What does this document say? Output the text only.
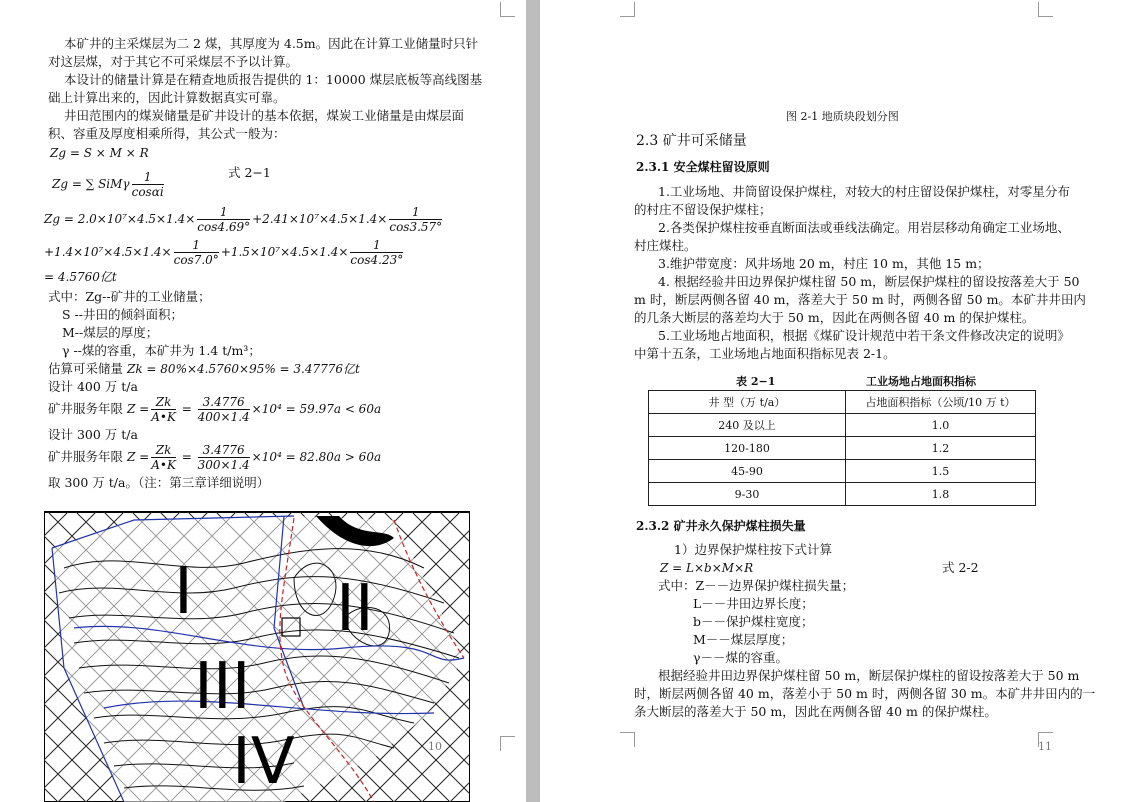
本矿井的主采煤层为二 2 煤，其厚度为 4.5m。因此在计算工业储量时只针
对这层煤，对于其它不可采煤层不予以计算。
本设计的储量计算是在精查地质报告提供的 1：10000 煤层底板等高线图基
础上计算出来的，因此计算数据真实可靠。
井田范围内的煤炭储量是矿井设计的基本依据，煤炭工业储量是由煤层面
积、容重及厚度相乘所得，其公式一般为：
Zg = S × M × R
Zg = ∑ SiMγ $\frac{1}{\cos\alpha i}$	式 2−1
$Zg = 2.0\times 10^7\times 4.5\times 1.4\times \frac{1}{\cos 4.69^\circ} +2.41\times 10^7\times 4.5\times 1.4\times \frac{1}{\cos 3.57^\circ}$
$+1.4\times 10^7\times 4.5\times 1.4\times \frac{1}{\cos 7.0^\circ} +1.5\times 10^7\times 4.5\times 1.4\times \frac{1}{\cos 4.23^\circ}$
= 4.5760亿t
式中：Zg--矿井的工业储量；
S --井田的倾斜面积；
M--煤层的厚度；
γ --煤的容重，本矿井为 1.4 t/m³；
估算可采储量 Zk = 80%×4.5760×95% = 3.47776亿t
设计 400 万 t/a
矿井服务年限 $Z = \frac{Zk}{A•K} = \frac{3.4776}{400\times 1.4} \times 10^4 = 59.97a < 60a$
设计 300 万 t/a
矿井服务年限 $Z = \frac{Zk}{A•K} = \frac{3.4776}{300\times 1.4} \times 10^4 = 82.80a > 60a$
取 300 万 t/a。（注：第三章详细说明）
I II
III
IV	10
图 2-1 地质块段划分图
2.3 矿井可采储量
2.3.1 安全煤柱留设原则
1.工业场地、井筒留设保护煤柱，对较大的村庄留设保护煤柱，对零星分布
的村庄不留设保护煤柱；
2.各类保护煤柱按垂直断面法或垂线法确定。用岩层移动角确定工业场地、
村庄煤柱。
3.维护带宽度：风井场地 20 m，村庄 10 m，其他 15 m；
4. 根据经验井田边界保护煤柱留 50 m，断层保护煤柱的留设按落差大于 50
m 时，断层两侧各留 40 m，落差大于 50 m 时，两侧各留 50 m。本矿井井田内
的几条大断层的落差均大于 50 m，因此在两侧各留 40 m 的保护煤柱。
5.工业场地占地面积，根据《煤矿设计规范中若干条文件修改决定的说明》
中第十五条，工业场地占地面积指标见表 2-1。
表 2−1	工业场地占地面积指标
井 型（万 t/a）	占地面积指标（公顷/10 万 t）
240 及以上	1.0
120-180	1.2
45-90	1.5
9-30	1.8
2.3.2 矿井永久保护煤柱损失量
1）边界保护煤柱按下式计算
Z = L×b×M×R	式 2-2
式中：Z－－边界保护煤柱损失量；
L－－井田边界长度；
b－－保护煤柱宽度；
M－－煤层厚度；
γ－－煤的容重。
根据经验井田边界保护煤柱留 50 m，断层保护煤柱的留设按落差大于 50 m
时，断层两侧各留 40 m，落差小于 50 m 时，两侧各留 30 m。本矿井井田内的一
条大断层的落差大于 50 m，因此在两侧各留 40 m 的保护煤柱。
11
